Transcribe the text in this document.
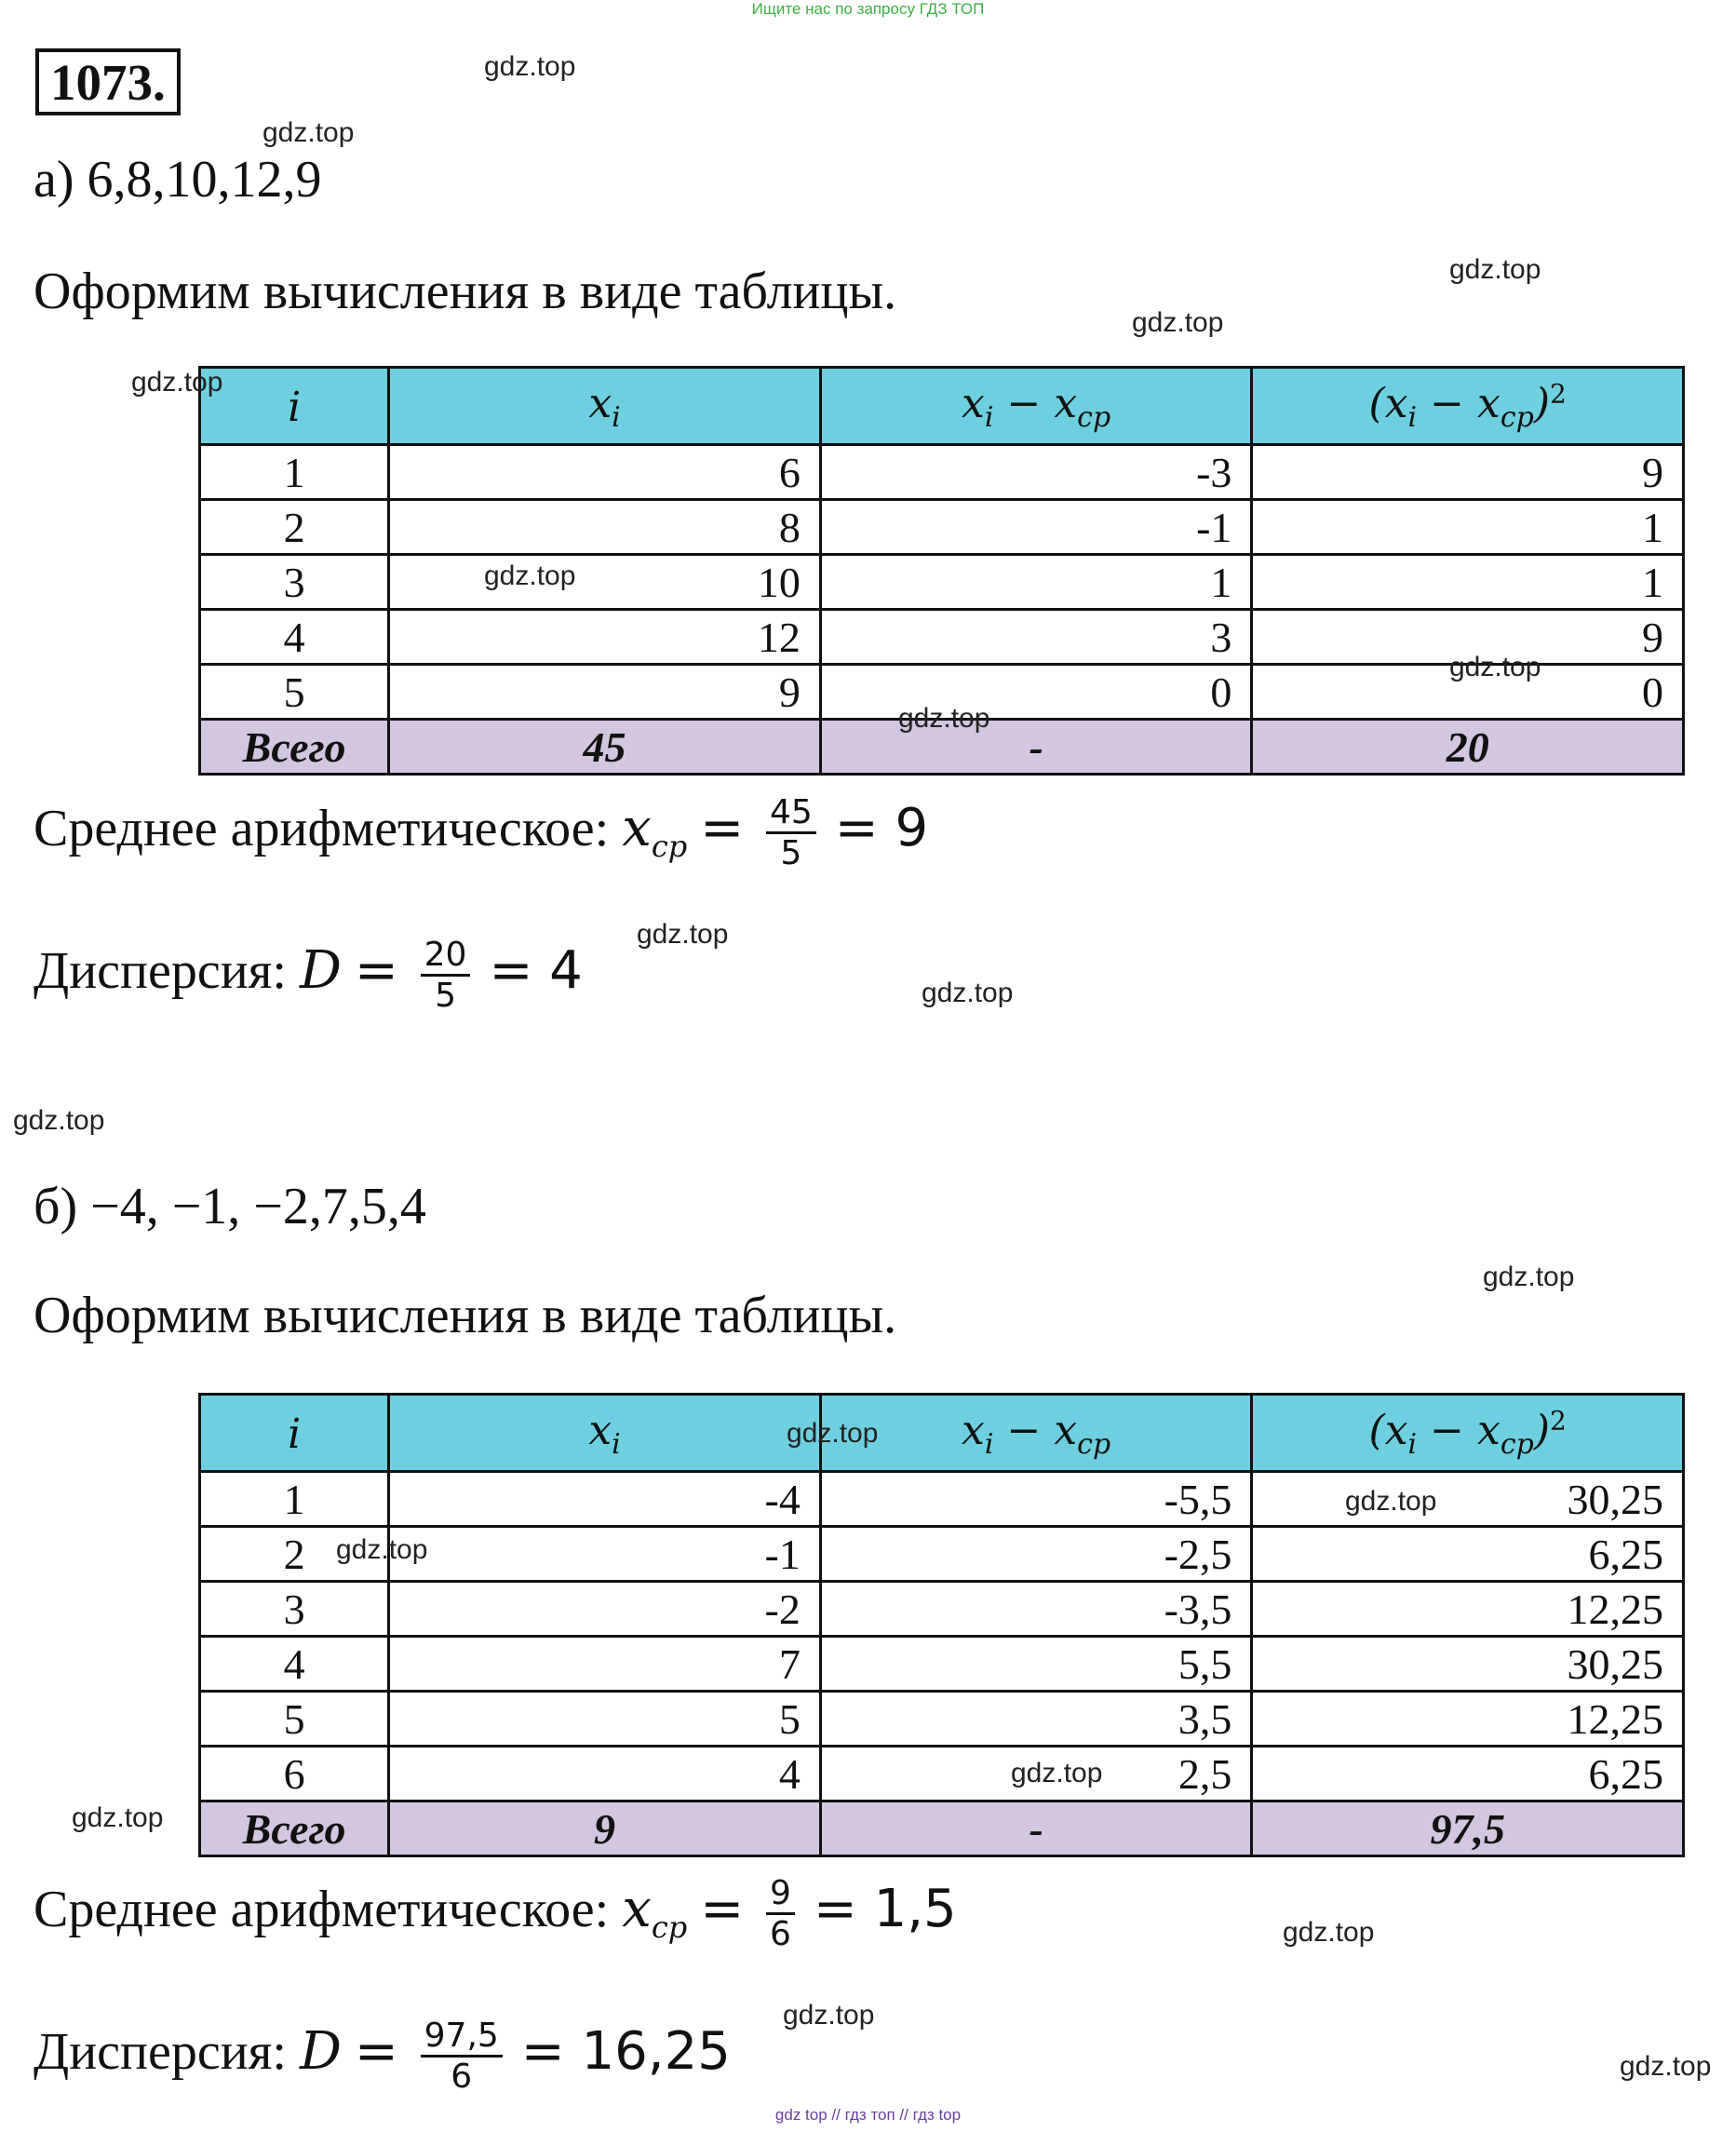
Ищите нас по запросу ГДЗ ТОП
1073.
а) 6,8,10,12,9
Оформим вычисления в виде таблицы.
i	$x_i$	$x_i - x_{cp}$	$(x_i - x_{cp})^2$
1	6	-3	9
2	8	-1	1
3	10	1	1
4	12	3	9
5	9	0	0
Всего	45	-	20
Среднее арифметическое: $x_{cp} = \frac{45}{5} = 9$
Дисперсия: $D = \frac{20}{5} = 4$
б) −4, −1, −2,7,5,4
Оформим вычисления в виде таблицы.
i	$x_i$	$x_i - x_{cp}$	$(x_i - x_{cp})^2$
1	-4	-5,5	30,25
2	-1	-2,5	6,25
3	-2	-3,5	12,25
4	7	5,5	30,25
5	5	3,5	12,25
6	4	2,5	6,25
Всего	9	-	97,5
Среднее арифметическое: $x_{cp} = \frac{9}{6} = 1,5$
Дисперсия: $D = \frac{97,5}{6} = 16,25$
gdz.top
gdz.top
gdz.top
gdz.top
gdz.top
gdz.top
gdz.top
gdz.top
gdz.top
gdz.top
gdz.top
gdz.top
gdz.top
gdz.top
gdz.top
gdz.top
gdz.top
gdz.top
gdz.top
gdz.top
gdz top // гдз топ // гдз top
